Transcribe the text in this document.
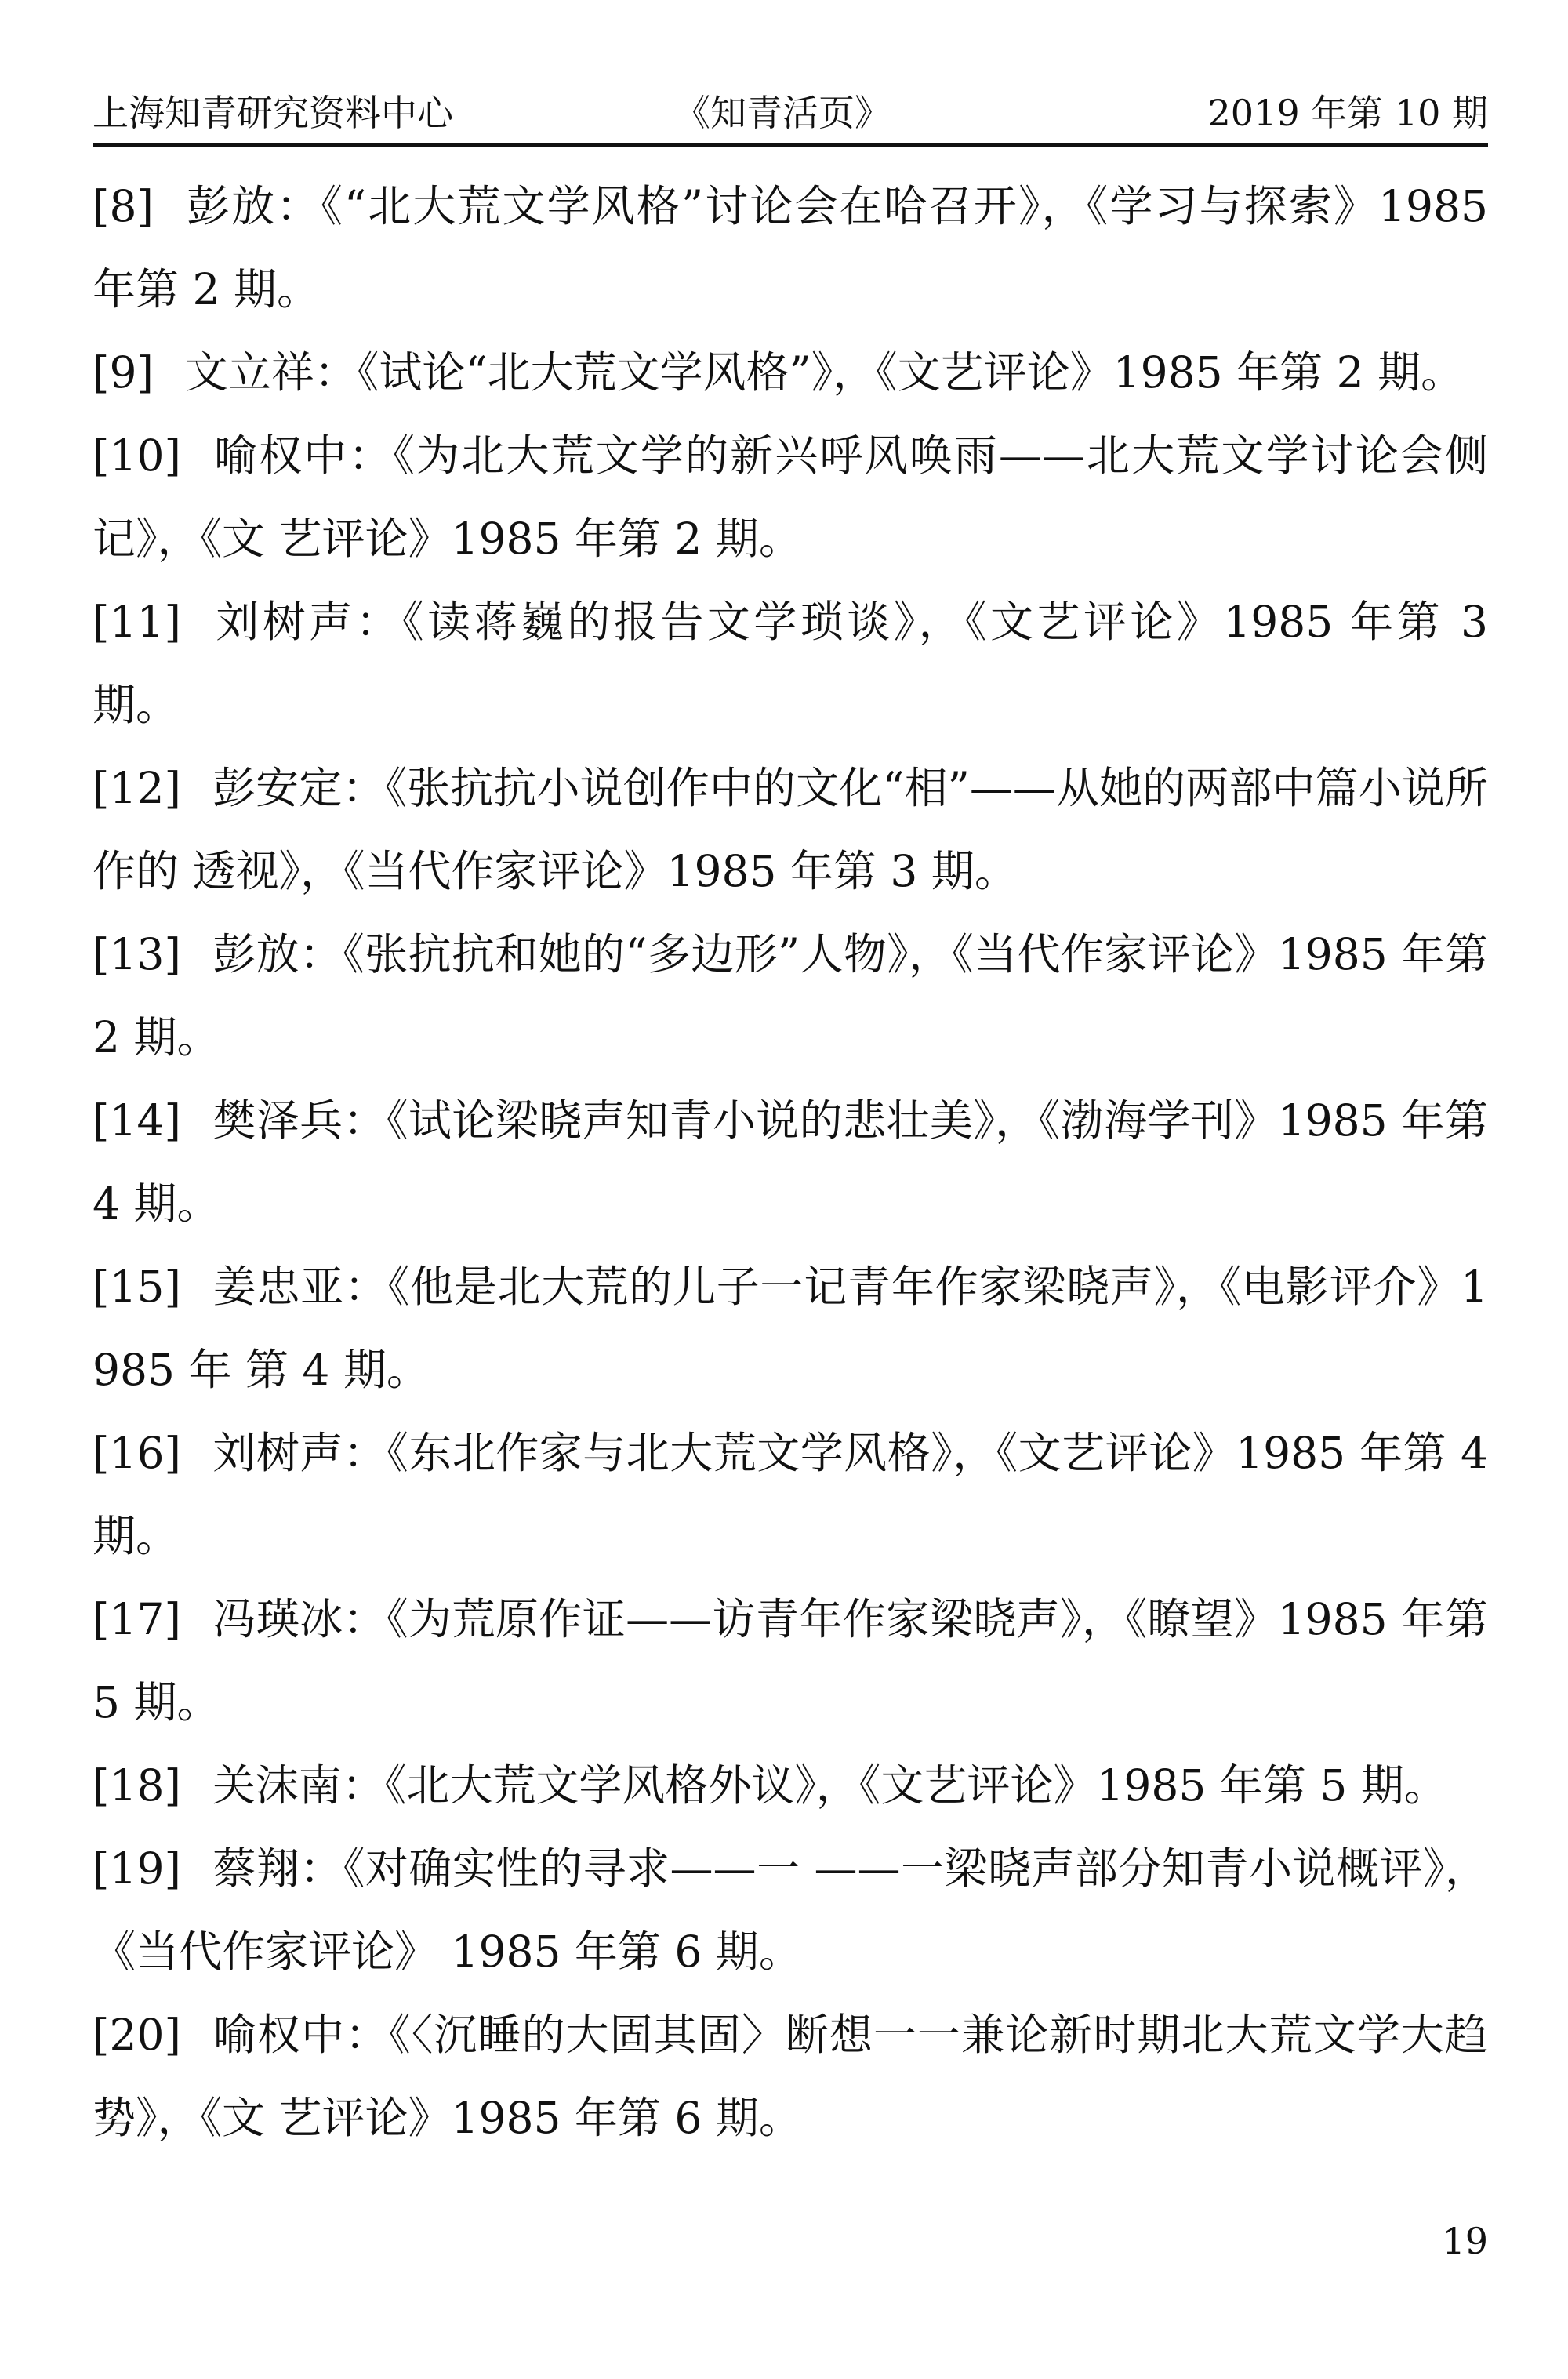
上海知青研究资料中心	《知青活页》	2019 年第 10 期

[8] 彭放：《“北大荒文学风格”讨论会在哈召开》，《学习与探索》1985 年第 2 期。

[9] 文立祥：《试论“北大荒文学风格”》，《文艺评论》1985 年第 2 期。

[10] 喻权中：《为北大荒文学的新兴呼风唤雨——北大荒文学讨论会侧记》，《文 艺评论》1985 年第 2 期。

[11] 刘树声：《读蒋巍的报告文学琐谈》，《文艺评论》1985 年第 3 期。

[12] 彭安定：《张抗抗小说创作中的文化“相”——从她的两部中篇小说所作的 透视》，《当代作家评论》1985 年第 3 期。

[13] 彭放：《张抗抗和她的“多边形”人物》，《当代作家评论》1985 年第 2 期。

[14] 樊泽兵：《试论梁晓声知青小说的悲壮美》，《渤海学刊》1985 年第 4 期。

[15] 姜忠亚：《他是北大荒的儿子一记青年作家梁晓声》，《电影评介》1985 年 第 4 期。

[16] 刘树声：《东北作家与北大荒文学风格》，《文艺评论》1985 年第 4 期。

[17] 冯瑛冰：《为荒原作证——访青年作家梁晓声》，《瞭望》1985 年第 5 期。

[18] 关沫南：《北大荒文学风格外议》，《文艺评论》1985 年第 5 期。

[19] 蔡翔：《对确实性的寻求——一 ——一梁晓声部分知青小说概评》，《当代作家评论》 1985 年第 6 期。

[20] 喻权中：《〈沉睡的大固其固〉断想一一兼论新时期北大荒文学大趋势》，《文 艺评论》1985 年第 6 期。

19
